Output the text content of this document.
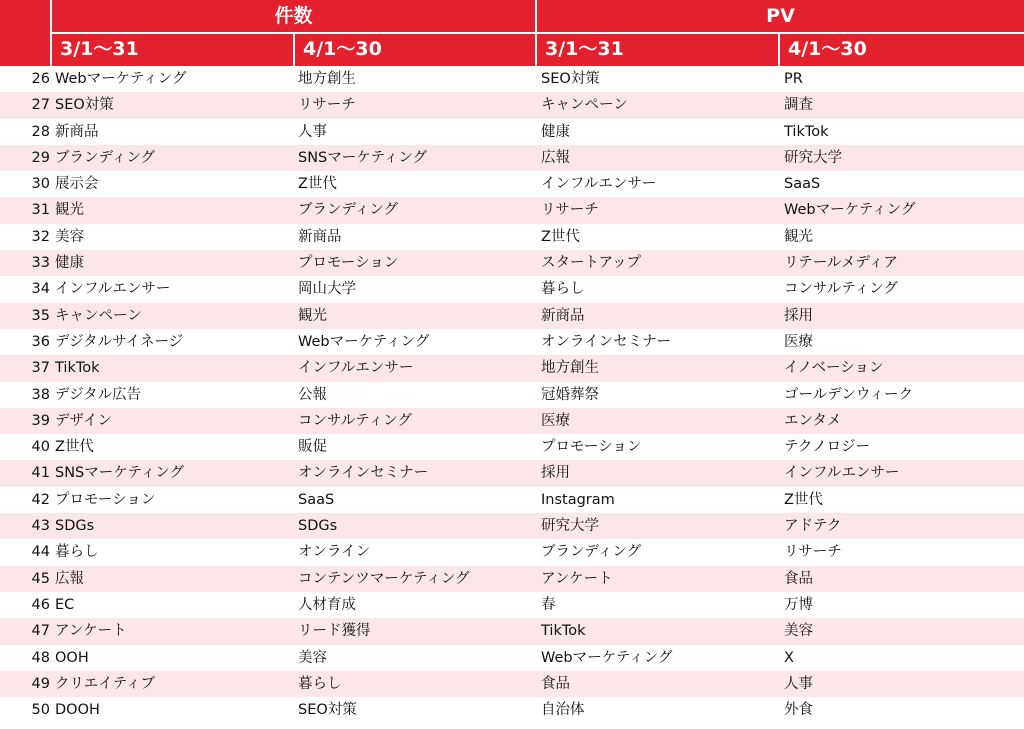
件数	PV
3/1～31	4/1～30	3/1～31	4/1～30
26 Webマーケティング	地方創生	SEO対策	PR
27 SEO対策	リサーチ	キャンペーン	調査
28 新商品	人事	健康	TikTok
29 ブランディング	SNSマーケティング	広報	研究大学
30 展示会	Z世代	インフルエンサー	SaaS
31 観光	ブランディング	リサーチ	Webマーケティング
32 美容	新商品	Z世代	観光
33 健康	プロモーション	スタートアップ	リテールメディア
34 インフルエンサー	岡山大学	暮らし	コンサルティング
35 キャンペーン	観光	新商品	採用
36 デジタルサイネージ	Webマーケティング	オンラインセミナー	医療
37 TikTok	インフルエンサー	地方創生	イノベーション
38 デジタル広告	公報	冠婚葬祭	ゴールデンウィーク
39 デザイン	コンサルティング	医療	エンタメ
40 Z世代	販促	プロモーション	テクノロジー
41 SNSマーケティング	オンラインセミナー	採用	インフルエンサー
42 プロモーション	SaaS	Instagram	Z世代
43 SDGs	SDGs	研究大学	アドテク
44 暮らし	オンライン	ブランディング	リサーチ
45 広報	コンテンツマーケティング	アンケート	食品
46 EC	人材育成	春	万博
47 アンケート	リード獲得	TikTok	美容
48 OOH	美容	Webマーケティング	X
49 クリエイティブ	暮らし	食品	人事
50 DOOH	SEO対策	自治体	外食
